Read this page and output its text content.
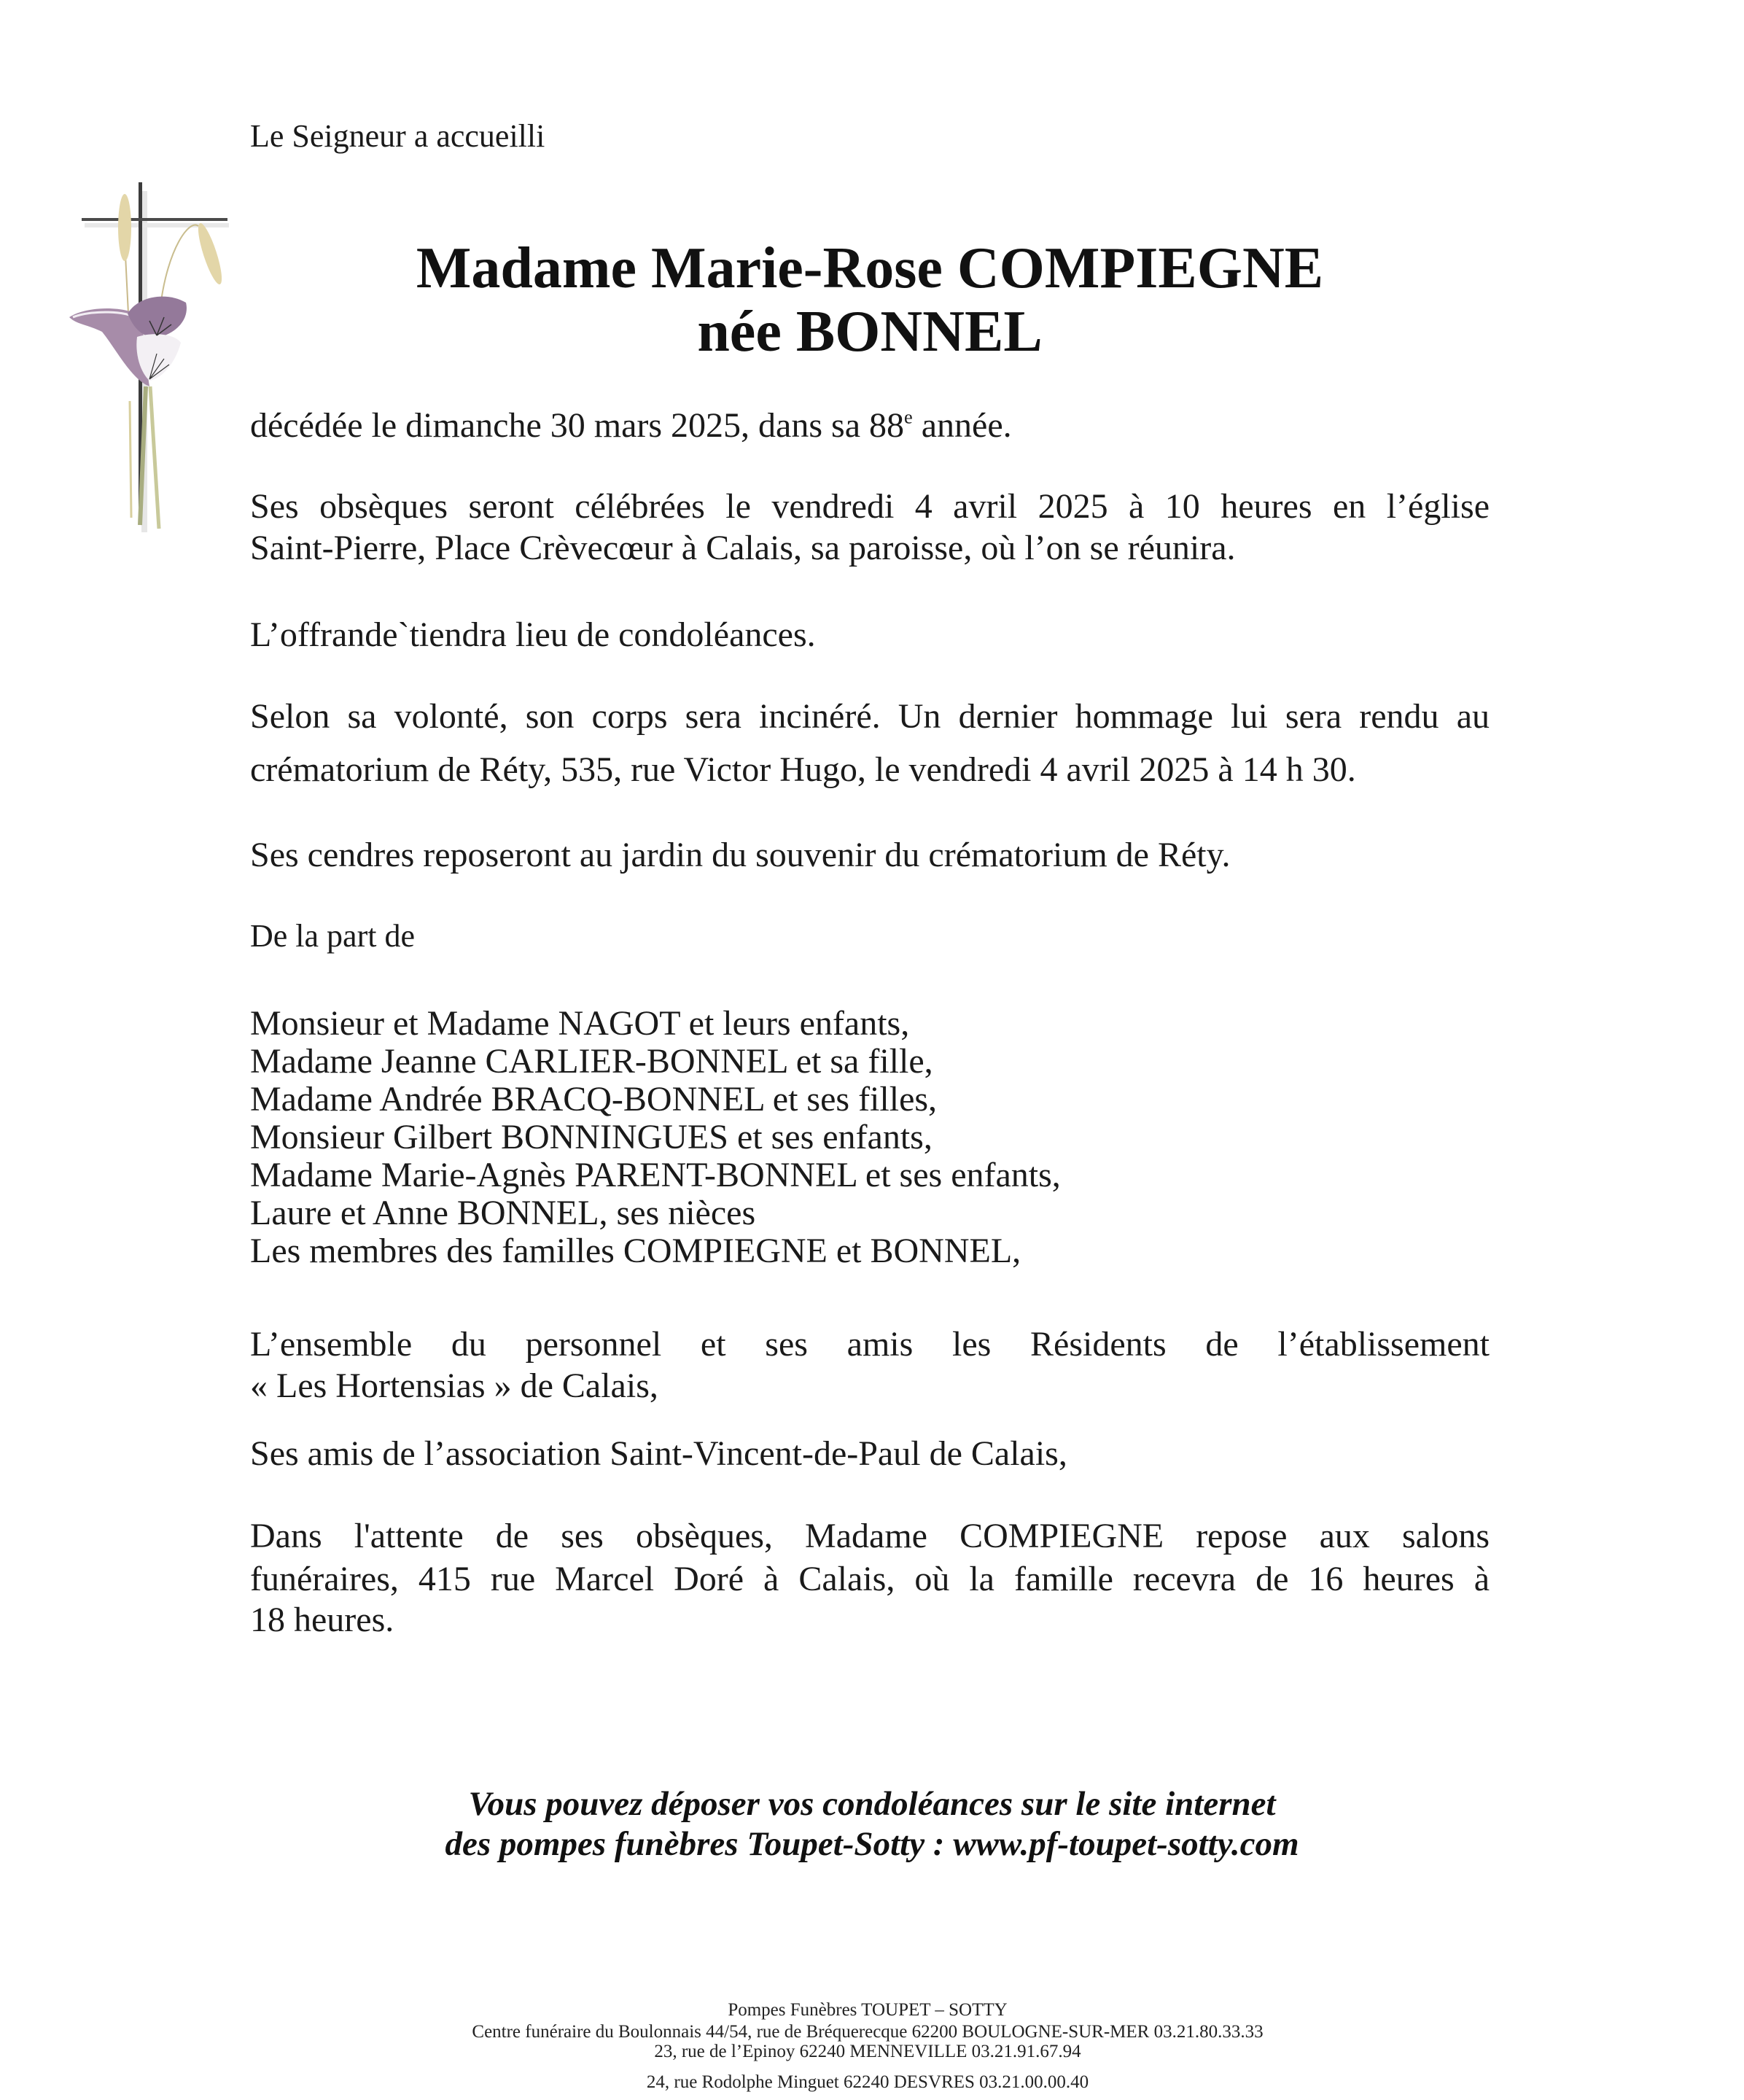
Le Seigneur a accueilli
Madame Marie-Rose COMPIEGNE
née BONNEL
décédée le dimanche 30 mars 2025, dans sa 88e année.
Ses obsèques seront célébrées le vendredi 4 avril 2025 à 10 heures en l’église
Saint-Pierre, Place Crèvecœur à Calais, sa paroisse, où l’on se réunira.
L’offrande`tiendra lieu de condoléances.
Selon sa volonté, son corps sera incinéré. Un dernier hommage lui sera rendu au
crématorium de Réty, 535, rue Victor Hugo, le vendredi 4 avril 2025 à 14 h 30.
Ses cendres reposeront au jardin du souvenir du crématorium de Réty.
De la part de
Monsieur et Madame NAGOT et leurs enfants,
Madame Jeanne CARLIER-BONNEL et sa fille,
Madame Andrée BRACQ-BONNEL et ses filles,
Monsieur Gilbert BONNINGUES et ses enfants,
Madame Marie-Agnès PARENT-BONNEL et ses enfants,
Laure et Anne BONNEL, ses nièces
Les membres des familles COMPIEGNE et BONNEL,
L’ensemble du personnel et ses amis les Résidents de l’établissement
« Les Hortensias » de Calais,
Ses amis de l’association Saint-Vincent-de-Paul de Calais,
Dans l'attente de ses obsèques, Madame COMPIEGNE repose aux salons
funéraires, 415 rue Marcel Doré à Calais, où la famille recevra de 16 heures à
18 heures.
Vous pouvez déposer vos condoléances sur le site internet
des pompes funèbres Toupet-Sotty : www.pf-toupet-sotty.com
Pompes Funèbres TOUPET – SOTTY
Centre funéraire du Boulonnais 44/54, rue de Bréquerecque 62200 BOULOGNE-SUR-MER 03.21.80.33.33
23, rue de l’Epinoy 62240 MENNEVILLE 03.21.91.67.94
24, rue Rodolphe Minguet 62240 DESVRES 03.21.00.00.40
